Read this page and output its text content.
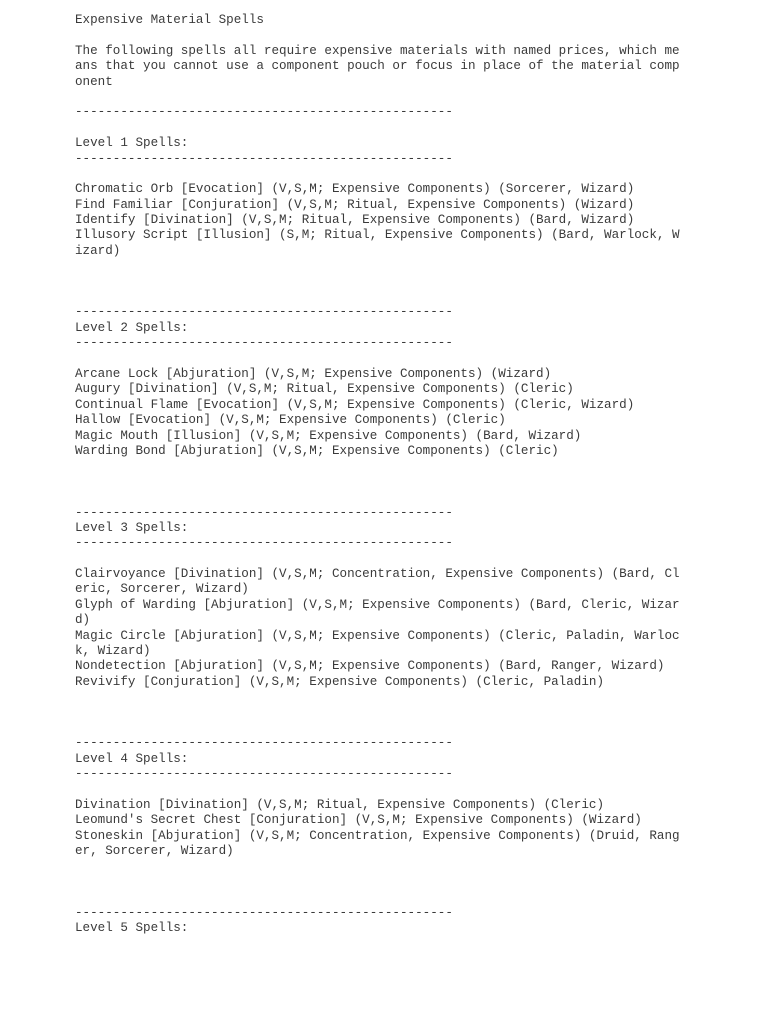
Expensive Material Spells
The following spells all require expensive materials with named prices, which me
ans that you cannot use a component pouch or focus in place of the material comp
onent
--------------------------------------------------
Level 1 Spells:
--------------------------------------------------
Chromatic Orb [Evocation] (V,S,M; Expensive Components) (Sorcerer, Wizard)
Find Familiar [Conjuration] (V,S,M; Ritual, Expensive Components) (Wizard)
Identify [Divination] (V,S,M; Ritual, Expensive Components) (Bard, Wizard)
Illusory Script [Illusion] (S,M; Ritual, Expensive Components) (Bard, Warlock, W
izard)
--------------------------------------------------
Level 2 Spells:
--------------------------------------------------
Arcane Lock [Abjuration] (V,S,M; Expensive Components) (Wizard)
Augury [Divination] (V,S,M; Ritual, Expensive Components) (Cleric)
Continual Flame [Evocation] (V,S,M; Expensive Components) (Cleric, Wizard)
Hallow [Evocation] (V,S,M; Expensive Components) (Cleric)
Magic Mouth [Illusion] (V,S,M; Expensive Components) (Bard, Wizard)
Warding Bond [Abjuration] (V,S,M; Expensive Components) (Cleric)
--------------------------------------------------
Level 3 Spells:
--------------------------------------------------
Clairvoyance [Divination] (V,S,M; Concentration, Expensive Components) (Bard, Cl
eric, Sorcerer, Wizard)
Glyph of Warding [Abjuration] (V,S,M; Expensive Components) (Bard, Cleric, Wizar
d)
Magic Circle [Abjuration] (V,S,M; Expensive Components) (Cleric, Paladin, Warloc
k, Wizard)
Nondetection [Abjuration] (V,S,M; Expensive Components) (Bard, Ranger, Wizard)
Revivify [Conjuration] (V,S,M; Expensive Components) (Cleric, Paladin)
--------------------------------------------------
Level 4 Spells:
--------------------------------------------------
Divination [Divination] (V,S,M; Ritual, Expensive Components) (Cleric)
Leomund's Secret Chest [Conjuration] (V,S,M; Expensive Components) (Wizard)
Stoneskin [Abjuration] (V,S,M; Concentration, Expensive Components) (Druid, Rang
er, Sorcerer, Wizard)
--------------------------------------------------
Level 5 Spells:
